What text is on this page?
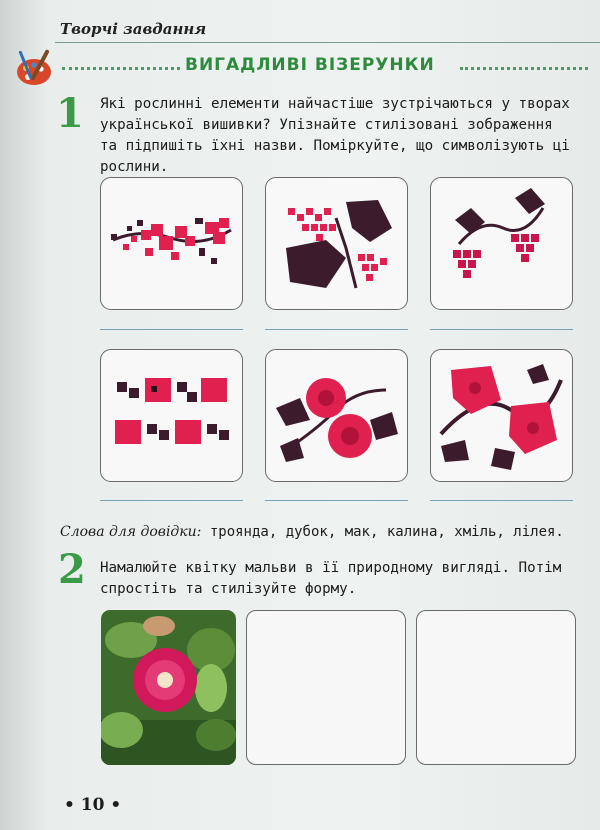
Творчі завдання
ВИГАДЛИВІ ВІЗЕРУНКИ
1 Які рослинні елементи найчастіше зустрічаються у творах
української вишивки? Упізнайте стилізовані зображення
та підпишіть їхні назви. Поміркуйте, що символізують ці
рослини.
Слова для довідки: троянда, дубок, мак, калина, хміль, лілея.
2 Намалюйте квітку мальви в її природному вигляді. Потім
спростіть та стилізуйте форму.
• 10 •
